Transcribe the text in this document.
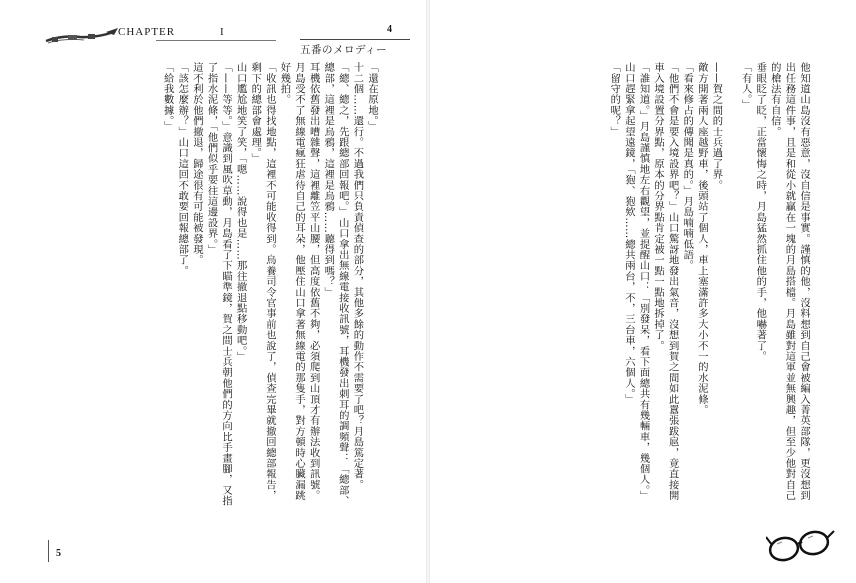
CHAPTER	I	4
五番のメロディー

他知道山島沒有惡意，沒自信是事實。謹慎的他，沒料想到自己會被編入菁英部隊，更沒想到出任務這件事，且是和從小就贏在一塊的月島搭檔。月島雖對這軍並無興趣，但至少他對自己的槍法有自信。

垂眼眨了眨，正當懷悔之時，月島猛然抓住他的手，他嚇著了。

「有人。」

——賀之間的士兵過了界。

敵方開著兩人座越野車，後頭站了個人，車上塞滿許多大小不一的水泥條。

「看來修占的傳聞是真的。」月島喃喃低語。

「他們不會是要入境設界吧？」山口驚訝地發出氣音，沒想到賀之間如此囂張跋扈，竟直接開車入境設置分界點，原本的分界點肯定被一點一點地拆掉了。

「誰知道。」月島謹慎地左右觀望，並提醒山口：「別發呆，看下面總共有幾輛車，幾個人。」

山口趕緊拿起望遠鏡，「狍、狍欸……總共兩台，不，三台車，六個人。」

「留守的呢？」

「還在原地。」

十二個……還行。不過我們只負責偵查的部分，其他多餘的動作不需要了吧？月島篤定著。

「總、總之，先跟總部回報吧。」山口拿出無線電接收訊號，耳機發出刺耳的調頻聲：「總部、總部，這裡是烏鴉，這裡是烏鴉……聽得到嗎？」

耳機依舊發出嘈雜聲，這裡離笠平山腰，但高度依舊不夠，必須爬到山頂才有辦法收到訊號。

月島受不了無線電瘋狂虐待自己的耳朵，他壓住山口拿著無線電的那隻手，對方頓時心臟漏跳好幾拍。

「收訊也得找地點，這裡不可能收得到。烏養司令官事前也說了，偵查完畢就撤回總部報告，剩下的總部會處理。」

山口尷尬地笑了笑，「嗯……說得也是……那往撤退點移動吧。」

「——等等。」意識到風吹草動，月島看了下瞄準鏡，賀之間士兵朝他們的方向比手畫腳，又指了指水泥條，「他們似乎要往這邊設界。」

這不利於他們撤退，歸途很有可能被發現。

「該怎麼辦？」山口這回不敢要回報總部了。

「給我數據。」

5
